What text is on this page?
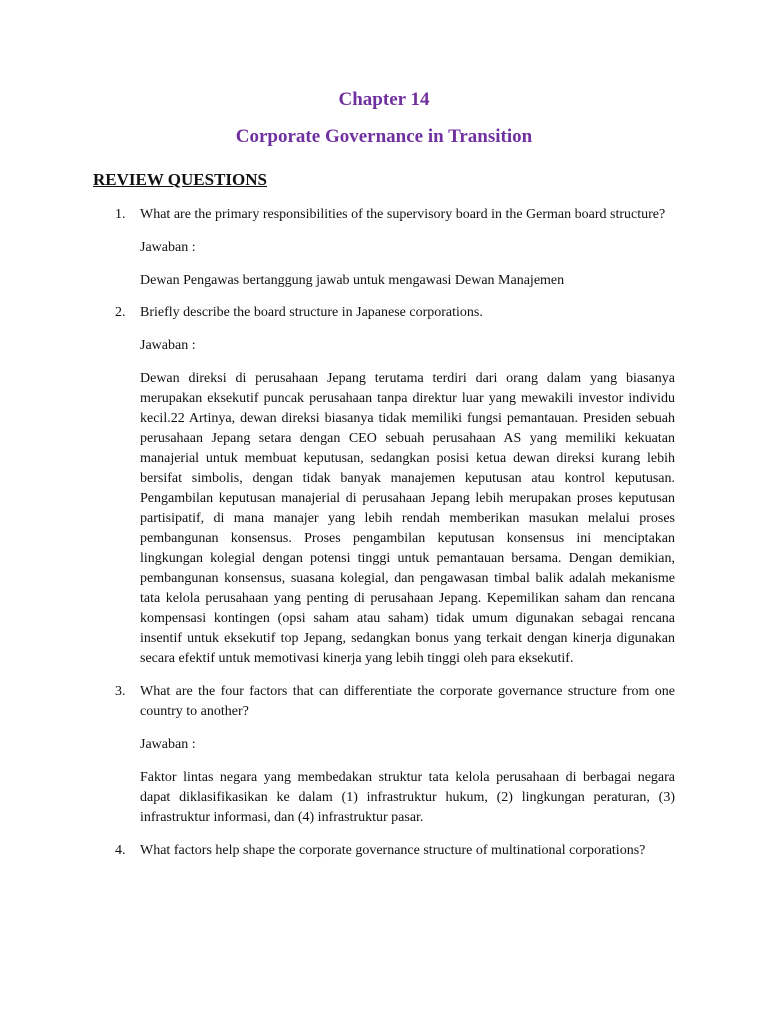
Chapter 14
Corporate Governance in Transition
REVIEW QUESTIONS
1. What are the primary responsibilities of the supervisory board in the German board structure?

Jawaban :

Dewan Pengawas bertanggung jawab untuk mengawasi Dewan Manajemen

2. Briefly describe the board structure in Japanese corporations.

Jawaban :

Dewan direksi di perusahaan Jepang terutama terdiri dari orang dalam yang biasanya merupakan eksekutif puncak perusahaan tanpa direktur luar yang mewakili investor individu kecil.22 Artinya, dewan direksi biasanya tidak memiliki fungsi pemantauan. Presiden sebuah perusahaan Jepang setara dengan CEO sebuah perusahaan AS yang memiliki kekuatan manajerial untuk membuat keputusan, sedangkan posisi ketua dewan direksi kurang lebih bersifat simbolis, dengan tidak banyak manajemen keputusan atau kontrol keputusan. Pengambilan keputusan manajerial di perusahaan Jepang lebih merupakan proses keputusan partisipatif, di mana manajer yang lebih rendah memberikan masukan melalui proses pembangunan konsensus. Proses pengambilan keputusan konsensus ini menciptakan lingkungan kolegial dengan potensi tinggi untuk pemantauan bersama. Dengan demikian, pembangunan konsensus, suasana kolegial, dan pengawasan timbal balik adalah mekanisme tata kelola perusahaan yang penting di perusahaan Jepang. Kepemilikan saham dan rencana kompensasi kontingen (opsi saham atau saham) tidak umum digunakan sebagai rencana insentif untuk eksekutif top Jepang, sedangkan bonus yang terkait dengan kinerja digunakan secara efektif untuk memotivasi kinerja yang lebih tinggi oleh para eksekutif.

3. What are the four factors that can differentiate the corporate governance structure from one country to another?

Jawaban :

Faktor lintas negara yang membedakan struktur tata kelola perusahaan di berbagai negara dapat diklasifikasikan ke dalam (1) infrastruktur hukum, (2) lingkungan peraturan, (3) infrastruktur informasi, dan (4) infrastruktur pasar.

4. What factors help shape the corporate governance structure of multinational corporations?
